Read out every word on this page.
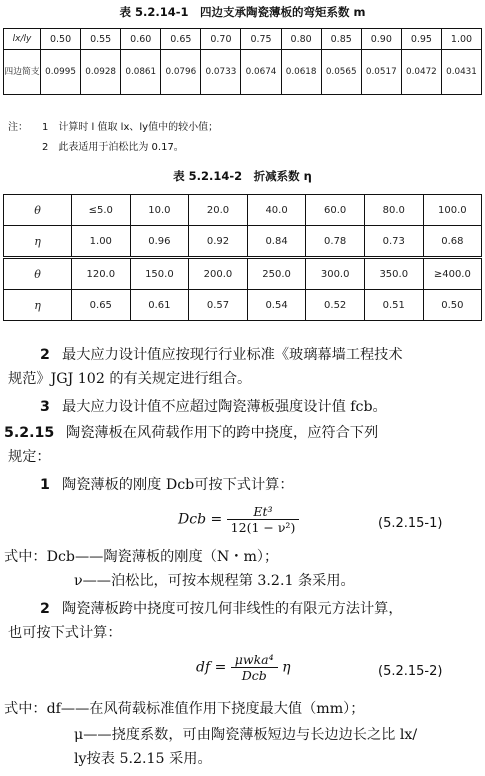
表 5.2.14-1　四边支承陶瓷薄板的弯矩系数 m
lx/ly	0.50	0.55	0.60	0.65	0.70	0.75	0.80	0.85	0.90	0.95	1.00
四边简支	0.0995	0.0928	0.0861	0.0796	0.0733	0.0674	0.0618	0.0565	0.0517	0.0472	0.0431
注： 1　计算时 l 值取 lx、ly值中的较小值；
2　此表适用于泊松比为 0.17。
表 5.2.14-2　折减系数 η
θ	≤5.0	10.0	20.0	40.0	60.0	80.0	100.0
η	1.00	0.96	0.92	0.84	0.78	0.73	0.68
θ	120.0	150.0	200.0	250.0	300.0	350.0	≥400.0
η	0.65	0.61	0.57	0.54	0.52	0.51	0.50
2 最大应力设计值应按现行行业标准《玻璃幕墙工程技术
规范》JGJ 102 的有关规定进行组合。
3 最大应力设计值不应超过陶瓷薄板强度设计值 fcb。
5.2.15 陶瓷薄板在风荷载作用下的跨中挠度，应符合下列
规定：
1 陶瓷薄板的刚度 Dcb可按下式计算：
Dcb = $\frac{\text{Et³}}{\text{12(1 − ν²)}}$	(5.2.15-1)
式中：Dcb——陶瓷薄板的刚度（N・m）；
ν——泊松比，可按本规程第 3.2.1 条采用。
2 陶瓷薄板跨中挠度可按几何非线性的有限元方法计算，
也可按下式计算：
df = $\frac{\text{μwka⁴}}{\text{Dcb}}$ η	(5.2.15-2)
式中：df——在风荷载标准值作用下挠度最大值（mm）；
μ——挠度系数，可由陶瓷薄板短边与长边边长之比 lx/
ly按表 5.2.15 采用。
